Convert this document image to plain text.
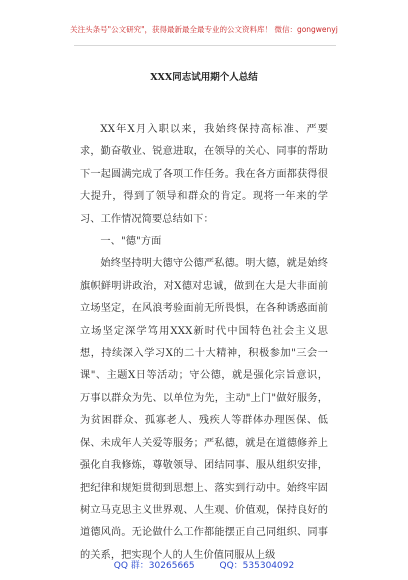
关注头条号"公文研究"，获得最新最全最专业的公文资料库！ 微信：gongwenyj
XXX同志试用期个人总结

XX年X月入职以来，我始终保持高标准、严要求，勤奋敬业、锐意进取，在领导的关心、同事的帮助下一起圆满完成了各项工作任务。我在各方面都获得很大提升，得到了领导和群众的肯定。现将一年来的学习、工作情况简要总结如下：

一、"德"方面

始终坚持明大德守公德严私德。明大德，就是始终旗帜鲜明讲政治，对X德对忠诚，做到在大是大非面前立场坚定，在风浪考验面前无所畏惧，在各种诱惑面前立场坚定深学笃用XXX新时代中国特色社会主义思想，持续深入学习X的二十大精神，积极参加"三会一课"、主题X日等活动；守公德，就是强化宗旨意识，万事以群众为先、以单位为先，主动"上门"做好服务，为贫困群众、孤寡老人、残疾人等群体办理医保、低保、未成年人关爱等服务；严私德，就是在道德修养上强化自我修炼，尊敬领导、团结同事、服从组织安排，把纪律和规矩贯彻到思想上、落实到行动中。始终牢固树立马克思主义世界观、人生观、价值观，保持良好的道德风尚。无论做什么工作都能摆正自己同组织、同事的关系，把实现个人的人生价值同服从上级

QQ 群：30265665	QQ：535304092
